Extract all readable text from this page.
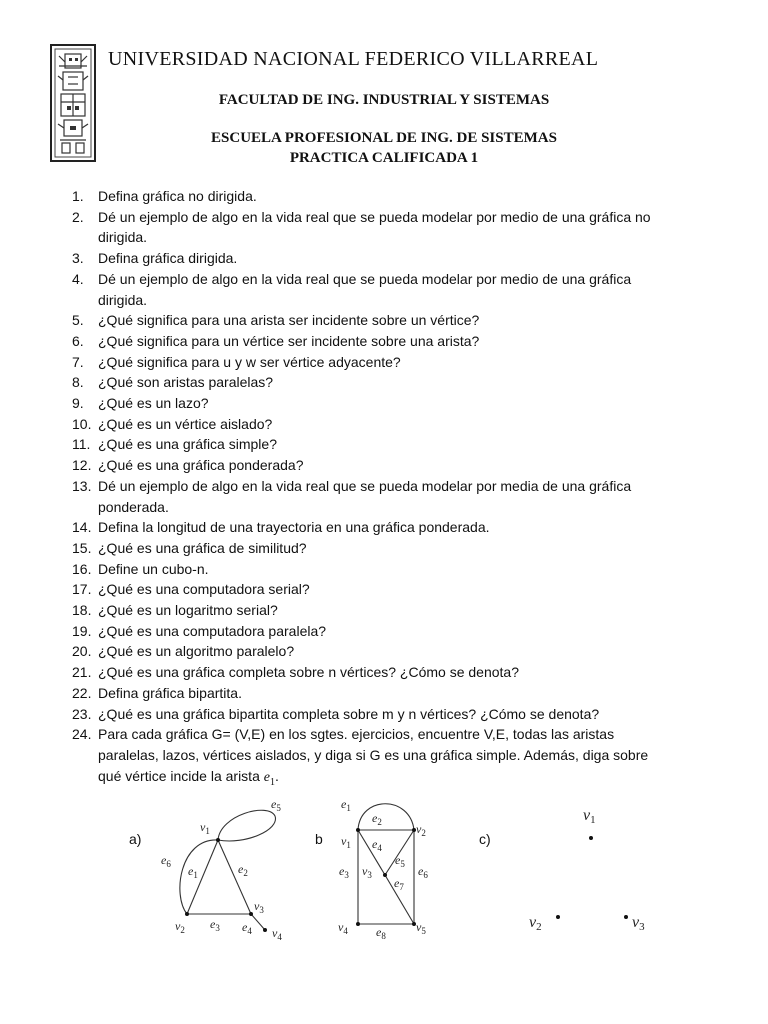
UNIVERSIDAD NACIONAL FEDERICO VILLARREAL
FACULTAD DE ING. INDUSTRIAL Y SISTEMAS
ESCUELA PROFESIONAL DE ING. DE SISTEMAS
PRACTICA CALIFICADA 1
1. Defina gráfica no dirigida.
2. Dé un ejemplo de algo en la vida real que se pueda modelar por medio de una gráfica no dirigida.
3. Defina gráfica dirigida.
4. Dé un ejemplo de algo en la vida real que se pueda modelar por medio de una gráfica dirigida.
5. ¿Qué significa para una arista ser incidente sobre un vértice?
6. ¿Qué significa para un vértice ser incidente sobre una arista?
7. ¿Qué significa para u y w ser vértice adyacente?
8. ¿Qué son aristas paralelas?
9. ¿Qué es un lazo?
10. ¿Qué es un vértice aislado?
11. ¿Qué es una gráfica simple?
12. ¿Qué es una gráfica ponderada?
13. Dé un ejemplo de algo en la vida real que se pueda modelar por media de una gráfica ponderada.
14. Defina la longitud de una trayectoria en una gráfica ponderada.
15. ¿Qué es una gráfica de similitud?
16. Define un cubo-n.
17. ¿Qué es una computadora serial?
18. ¿Qué es un logaritmo serial?
19. ¿Qué es una computadora paralela?
20. ¿Qué es un algoritmo paralelo?
21. ¿Qué es una gráfica completa sobre n vértices? ¿Cómo se denota?
22. Defina gráfica bipartita.
23. ¿Qué es una gráfica bipartita completa sobre m y n vértices? ¿Cómo se denota?
24. Para cada gráfica G= (V,E) en los sgtes. ejercicios, encuentre V,E, todas las aristas paralelas, lazos, vértices aislados, y diga si G es una gráfica simple. Además, diga sobre qué vértice incide la arista $e_1$.
a)
$v_1$
$v_2$
$v_3$
$v_4$
$e_1$	$e_2$
$e_3$ $e_4$
$e_5$
$e_6$
b $v_1$
$v_2$
$v_3$
$v_4$	$v_5$
$e_1$
$e_2$
$e_3$
$e_4$
$e_5$ $e_6$
$e_7$
$e_8$
c)
v1
v2	v3
